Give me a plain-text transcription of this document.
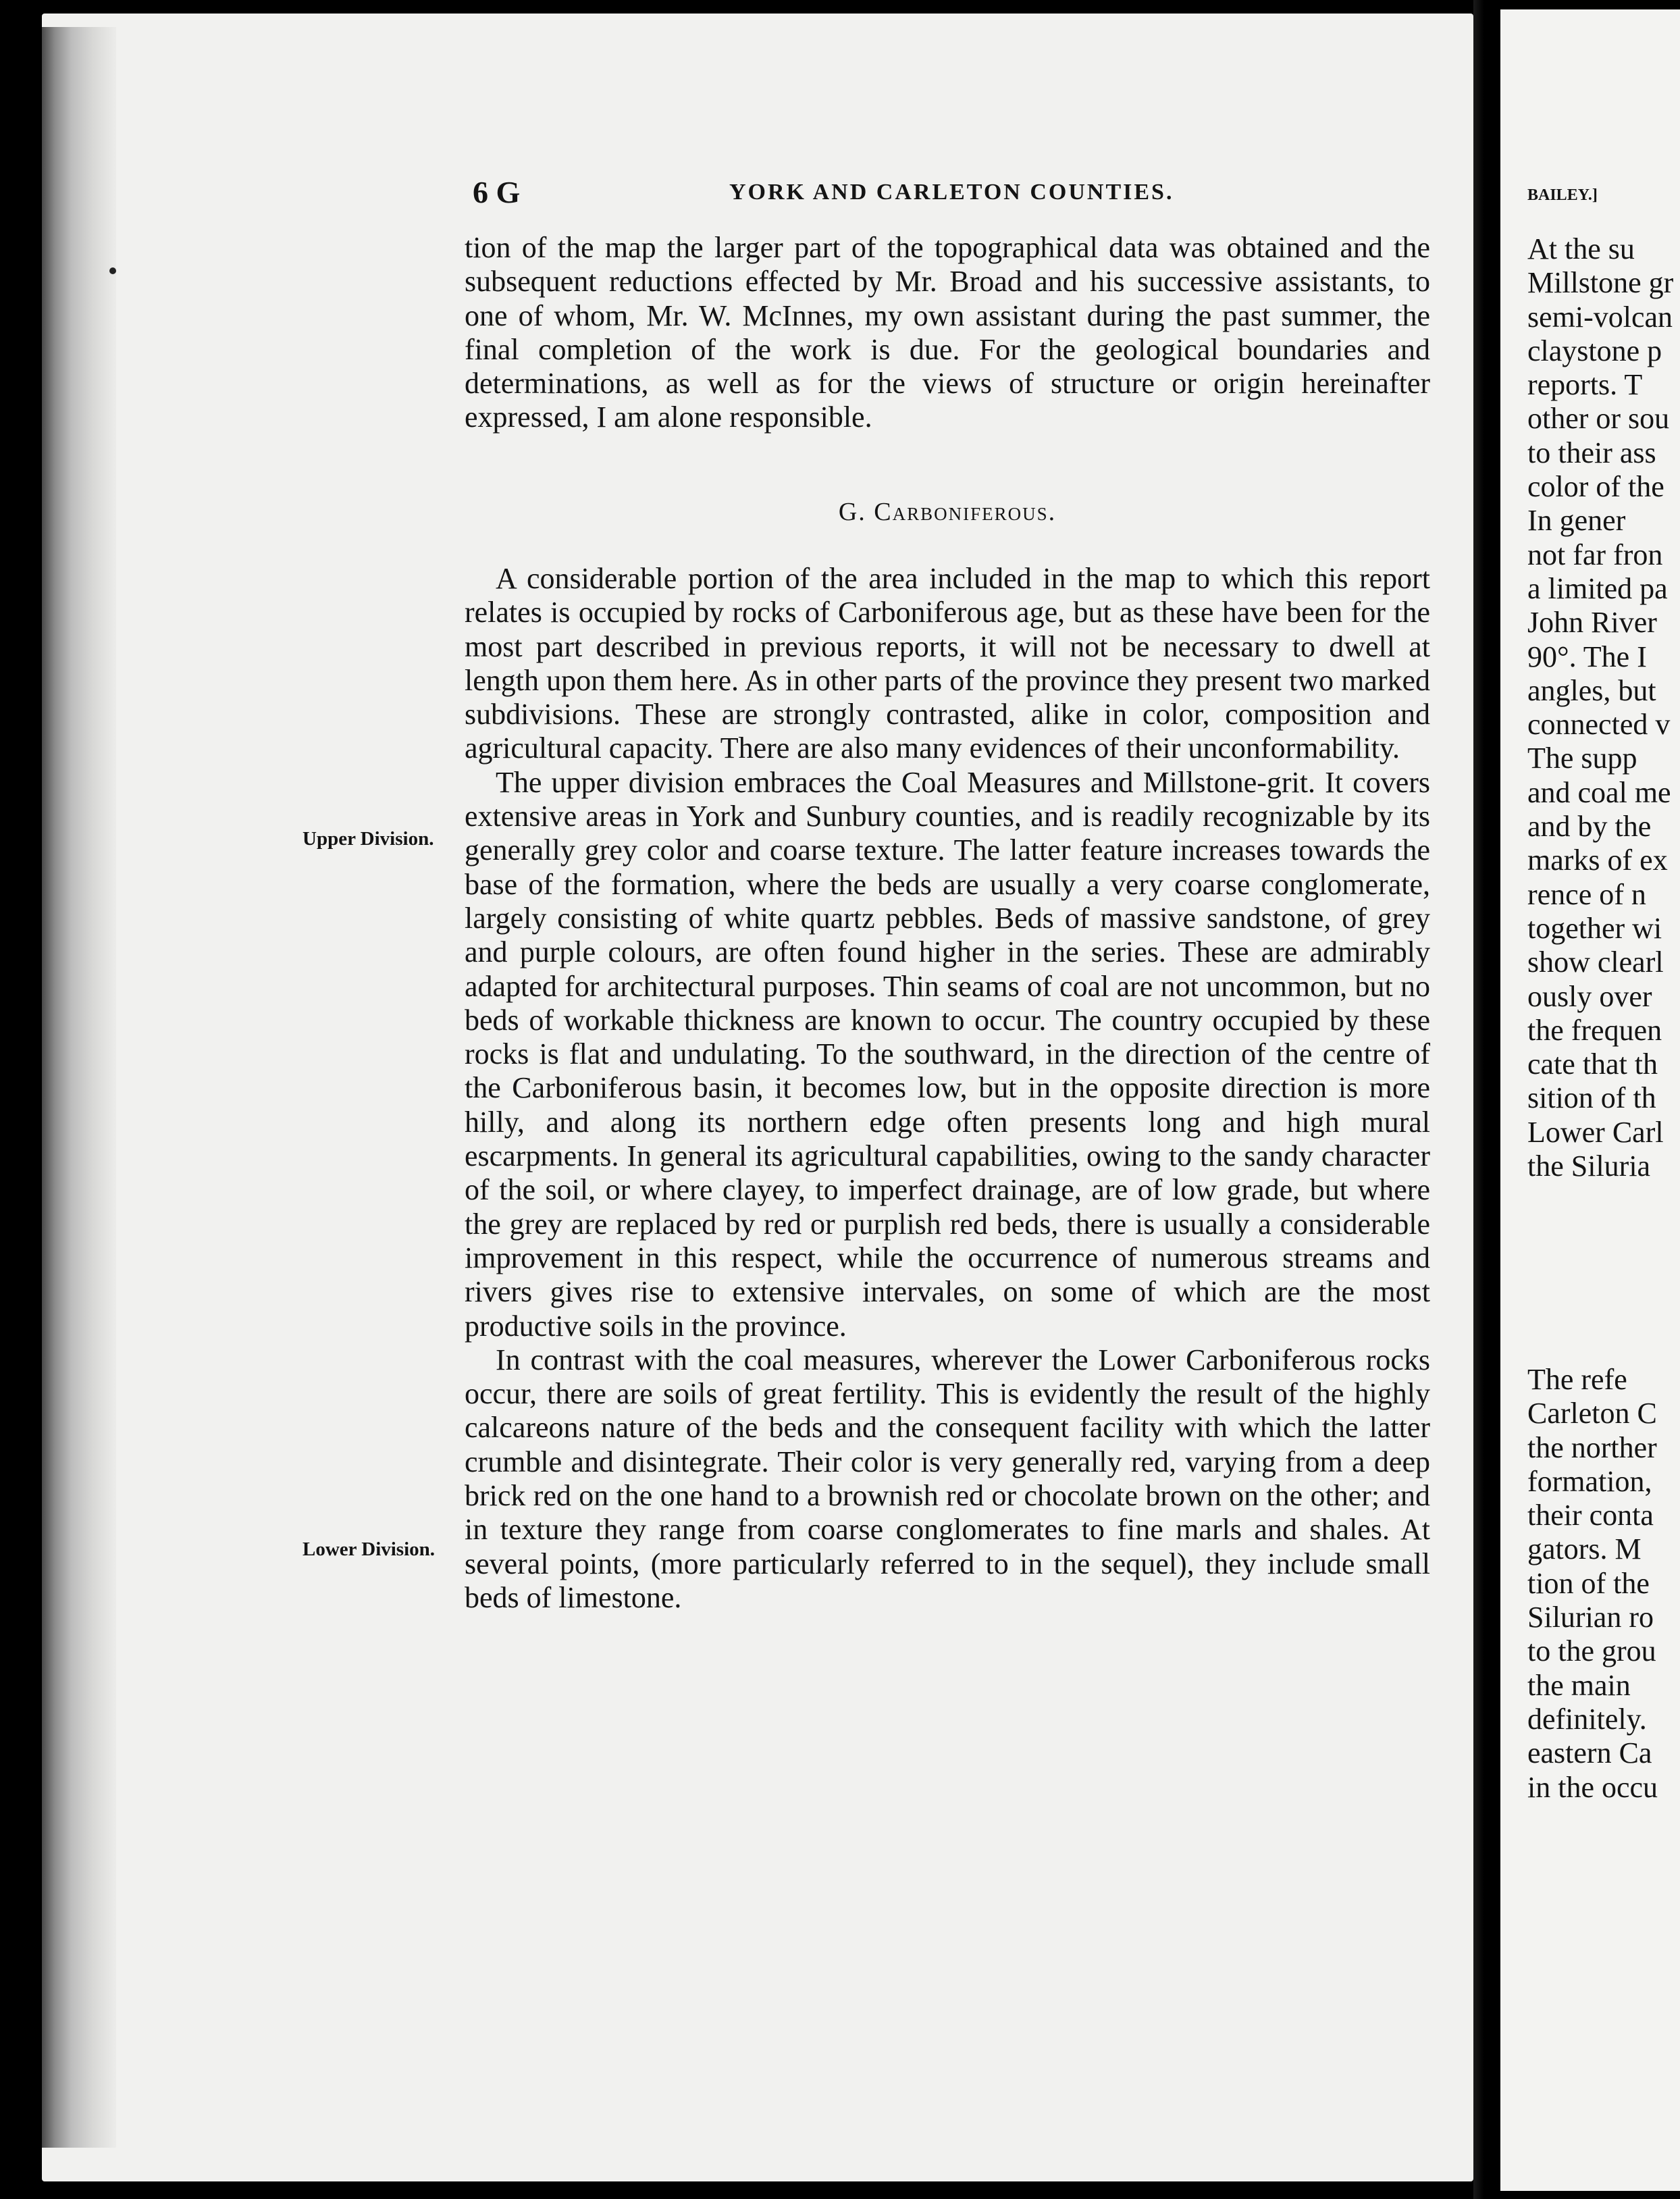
6 G	YORK AND CARLETON COUNTIES.

tion of the map the larger part of the topographical data was obtained and the subsequent reductions effected by Mr. Broad and his successive assistants, to one of whom, Mr. W. McInnes, my own assistant during the past summer, the final completion of the work is due. For the geological boundaries and determinations, as well as for the views of structure or origin hereinafter expressed, I am alone responsible.

G. Carboniferous.

A considerable portion of the area included in the map to which this report relates is occupied by rocks of Carboniferous age, but as these have been for the most part described in previous reports, it will not be necessary to dwell at length upon them here. As in other parts of the province they present two marked subdivisions. These are strongly contrasted, alike in color, composition and agricultural capacity. There are also many evidences of their unconformability.

The upper division embraces the Coal Measures and Millstone-grit. It covers extensive areas in York and Sunbury counties, and is readily recognizable by its generally grey color and coarse texture. The latter feature increases towards the base of the formation, where the beds are usually a very coarse conglomerate, largely consisting of white quartz pebbles. Beds of massive sandstone, of grey and purple colours, are often found higher in the series. These are admirably adapted for architectural purposes. Thin seams of coal are not uncommon, but no beds of workable thickness are known to occur. The country occupied by these rocks is flat and undulating. To the southward, in the direction of the centre of the Carboniferous basin, it becomes low, but in the opposite direction is more hilly, and along its northern edge often presents long and high mural escarpments. In general its agricultural capabilities, owing to the sandy character of the soil, or where clayey, to imperfect drainage, are of low grade, but where the grey are replaced by red or purplish red beds, there is usually a considerable improvement in this respect, while the occurrence of numerous streams and rivers gives rise to extensive intervales, on some of which are the most productive soils in the province.

In contrast with the coal measures, wherever the Lower Carboniferous rocks occur, there are soils of great fertility. This is evidently the result of the highly calcareons nature of the beds and the consequent facility with which the latter crumble and disintegrate. Their color is very generally red, varying from a deep brick red on the one hand to a brownish red or chocolate brown on the other; and in texture they range from coarse conglomerates to fine marls and shales. At several points, (more particularly referred to in the sequel), they include small beds of limestone.

Upper Division.
Lower Division.
BAILEY.]
At the su
Millstone gr
semi-volcan
claystone p
reports. T
other or sou
to their ass
color of the
In gener
not far fron
a limited pa
John River
90°. The I
angles, but
connected v
The supp
and coal me
and by the
marks of ex
rence of n
together wi
show clearl
ously over
the frequen
cate that th
sition of th
Lower Carl
the Siluria
The refe
Carleton C
the norther
formation,
their conta
gators. M
tion of the
Silurian ro
to the grou
the main
definitely.
eastern Ca
in the occu
